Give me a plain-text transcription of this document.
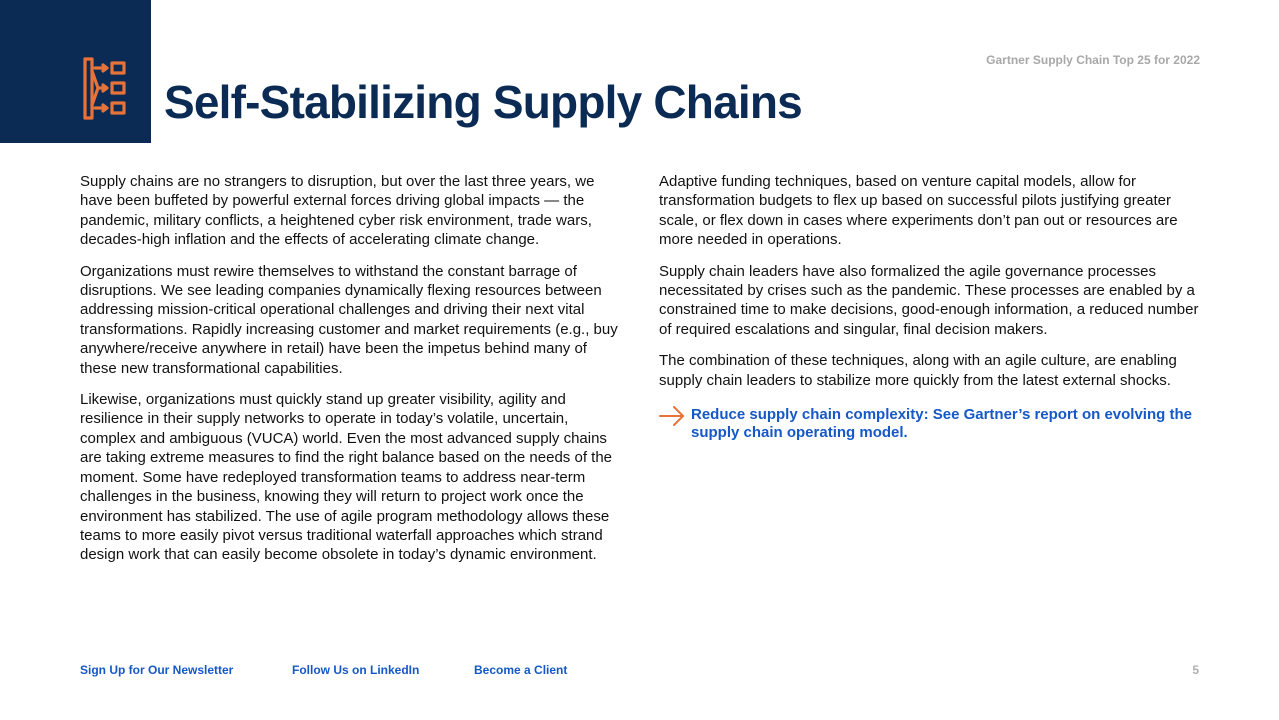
Gartner Supply Chain Top 25 for 2022
Self-Stabilizing Supply Chains

Supply chains are no strangers to disruption, but over the last three years, we have been buffeted by powerful external forces driving global impacts — the pandemic, military conflicts, a heightened cyber risk environment, trade wars, decades-high inflation and the effects of accelerating climate change.

Organizations must rewire themselves to withstand the constant barrage of disruptions. We see leading companies dynamically flexing resources between addressing mission-critical operational challenges and driving their next vital transformations. Rapidly increasing customer and market requirements (e.g., buy anywhere/receive anywhere in retail) have been the impetus behind many of these new transformational capabilities.

Likewise, organizations must quickly stand up greater visibility, agility and resilience in their supply networks to operate in today’s volatile, uncertain, complex and ambiguous (VUCA) world. Even the most advanced supply chains are taking extreme measures to find the right balance based on the needs of the moment. Some have redeployed transformation teams to address near-term challenges in the business, knowing they will return to project work once the environment has stabilized. The use of agile program methodology allows these teams to more easily pivot versus traditional waterfall approaches which strand design work that can easily become obsolete in today’s dynamic environment.

Adaptive funding techniques, based on venture capital models, allow for transformation budgets to flex up based on successful pilots justifying greater scale, or flex down in cases where experiments don’t pan out or resources are more needed in operations.

Supply chain leaders have also formalized the agile governance processes necessitated by crises such as the pandemic. These processes are enabled by a constrained time to make decisions, good-enough information, a reduced number of required escalations and singular, final decision makers.

The combination of these techniques, along with an agile culture, are enabling supply chain leaders to stabilize more quickly from the latest external shocks.

Reduce supply chain complexity: See Gartner’s report on evolving the supply chain operating model.
Sign Up for Our Newsletter	Follow Us on LinkedIn	Become a Client	5
